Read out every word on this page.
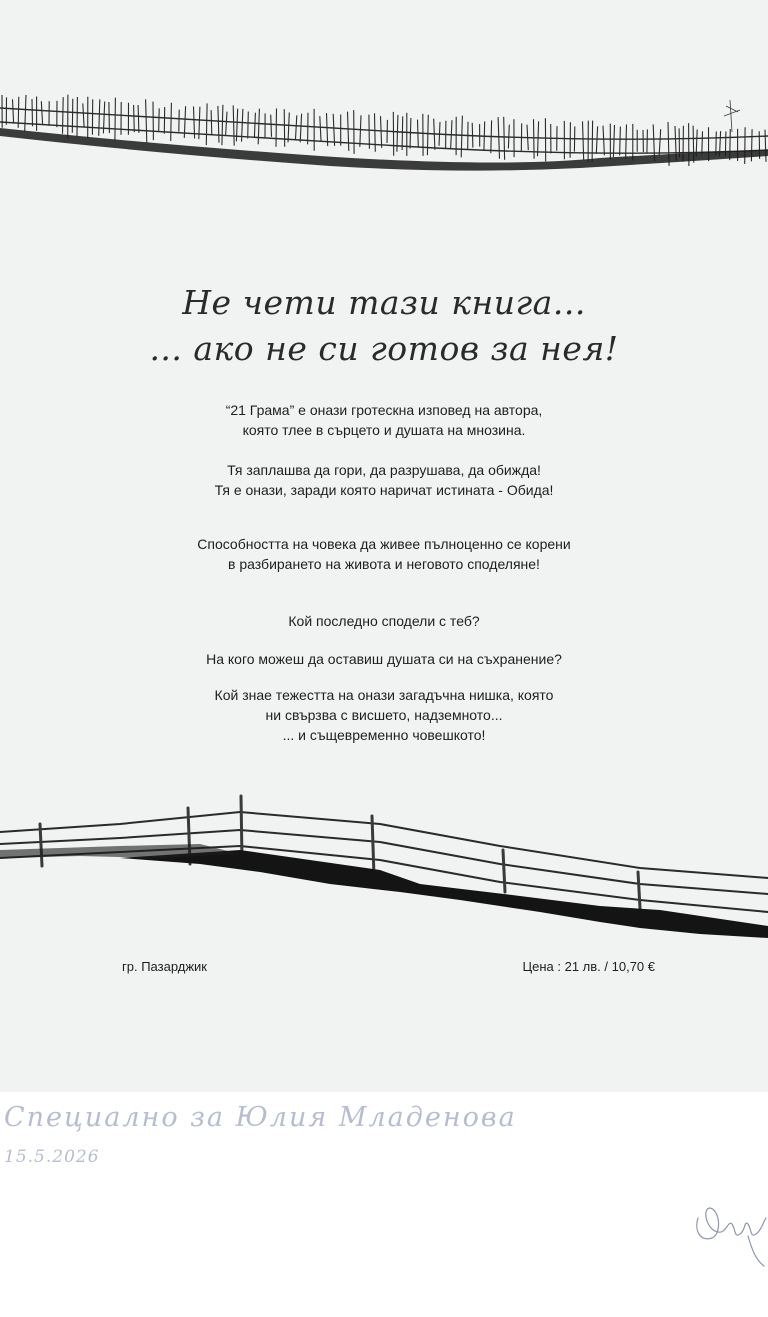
Не чети тази книга...
... ако не си готов за нея!

“21 Грама” е онази гротескна изповед на автора,

която тлее в сърцето и душата на мнозина.

Тя заплашва да гори, да разрушава, да обижда!

Тя е онази, заради която наричат истината - Обида!

Способността на човека да живее пълноценно се корени

в разбирането на живота и неговото споделяне!

Кой последно сподели с теб?

На кого можеш да оставиш душата си на съхранение?

Кой знае тежестта на онази загадъчна нишка, която

ни свързва с висшето, надземното...

... и същевременно човешкото!

гр. Пазарджик	Цена : 21 лв. / 10,70 €
Специално за Юлия Младенова
15.5.2026
